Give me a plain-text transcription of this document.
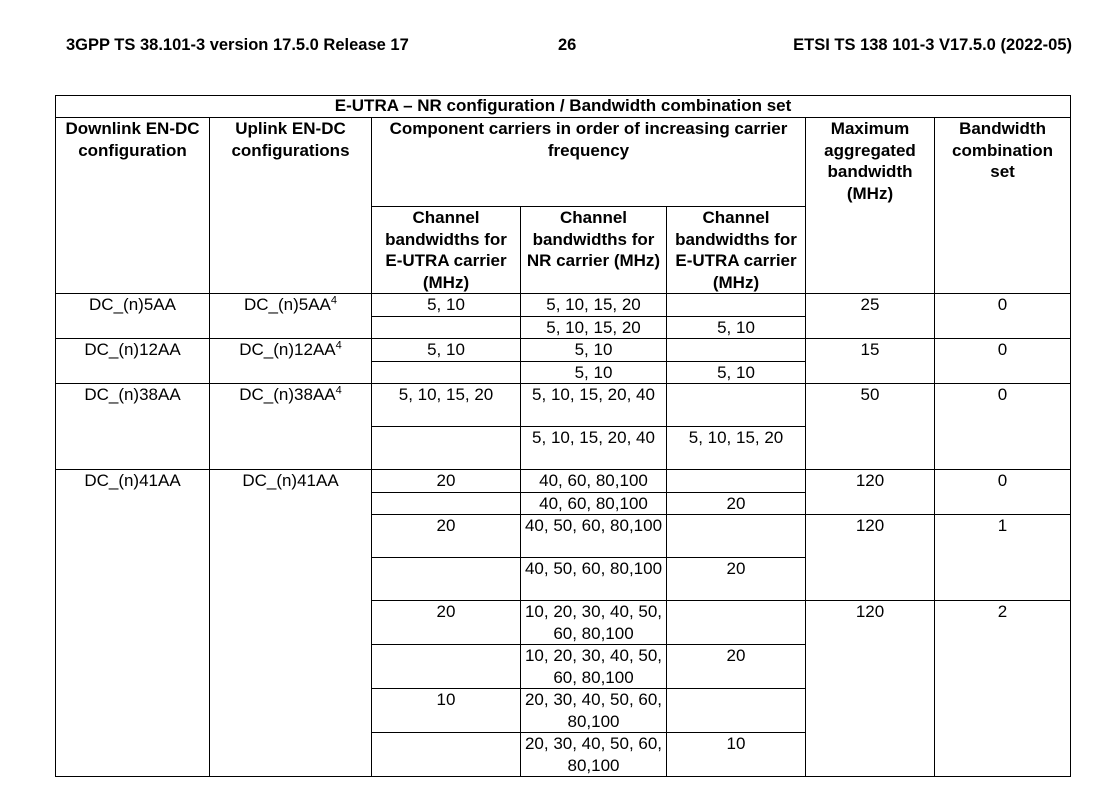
3GPP TS 38.101-3 version 17.5.0 Release 17	26	ETSI TS 138 101-3 V17.5.0 (2022-05)
E-UTRA – NR configuration / Bandwidth combination set						
Downlink EN-DC configuration	Uplink EN-DC configurations	Component carriers in order of increasing carrier frequency			Maximum aggregated bandwidth (MHz)	Bandwidth combination set
		Channel bandwidths for E-UTRA carrier (MHz)	Channel bandwidths for NR carrier (MHz)	Channel bandwidths for E-UTRA carrier (MHz)		
DC_(n)5AA	$DC\_(n)5AA^4$	5, 10	5, 10, 15, 20		25	0
			5, 10, 15, 20	5, 10		
DC_(n)12AA	$DC\_(n)12AA^4$	5, 10	5, 10		15	0
			5, 10	5, 10		
DC_(n)38AA	$DC\_(n)38AA^4$	5, 10, 15, 20	5, 10, 15, 20, 40		50	0
			5, 10, 15, 20, 40	5, 10, 15, 20		
DC_(n)41AA	DC_(n)41AA	20	40, 60, 80,100		120	0
			40, 60, 80,100	20		
		20	40, 50, 60, 80,100		120	1
			40, 50, 60, 80,100	20		
		20	10, 20, 30, 40, 50, 60, 80,100		120	2
			10, 20, 30, 40, 50, 60, 80,100	20		
		10	20, 30, 40, 50, 60, 80,100			
			20, 30, 40, 50, 60, 80,100	10		
